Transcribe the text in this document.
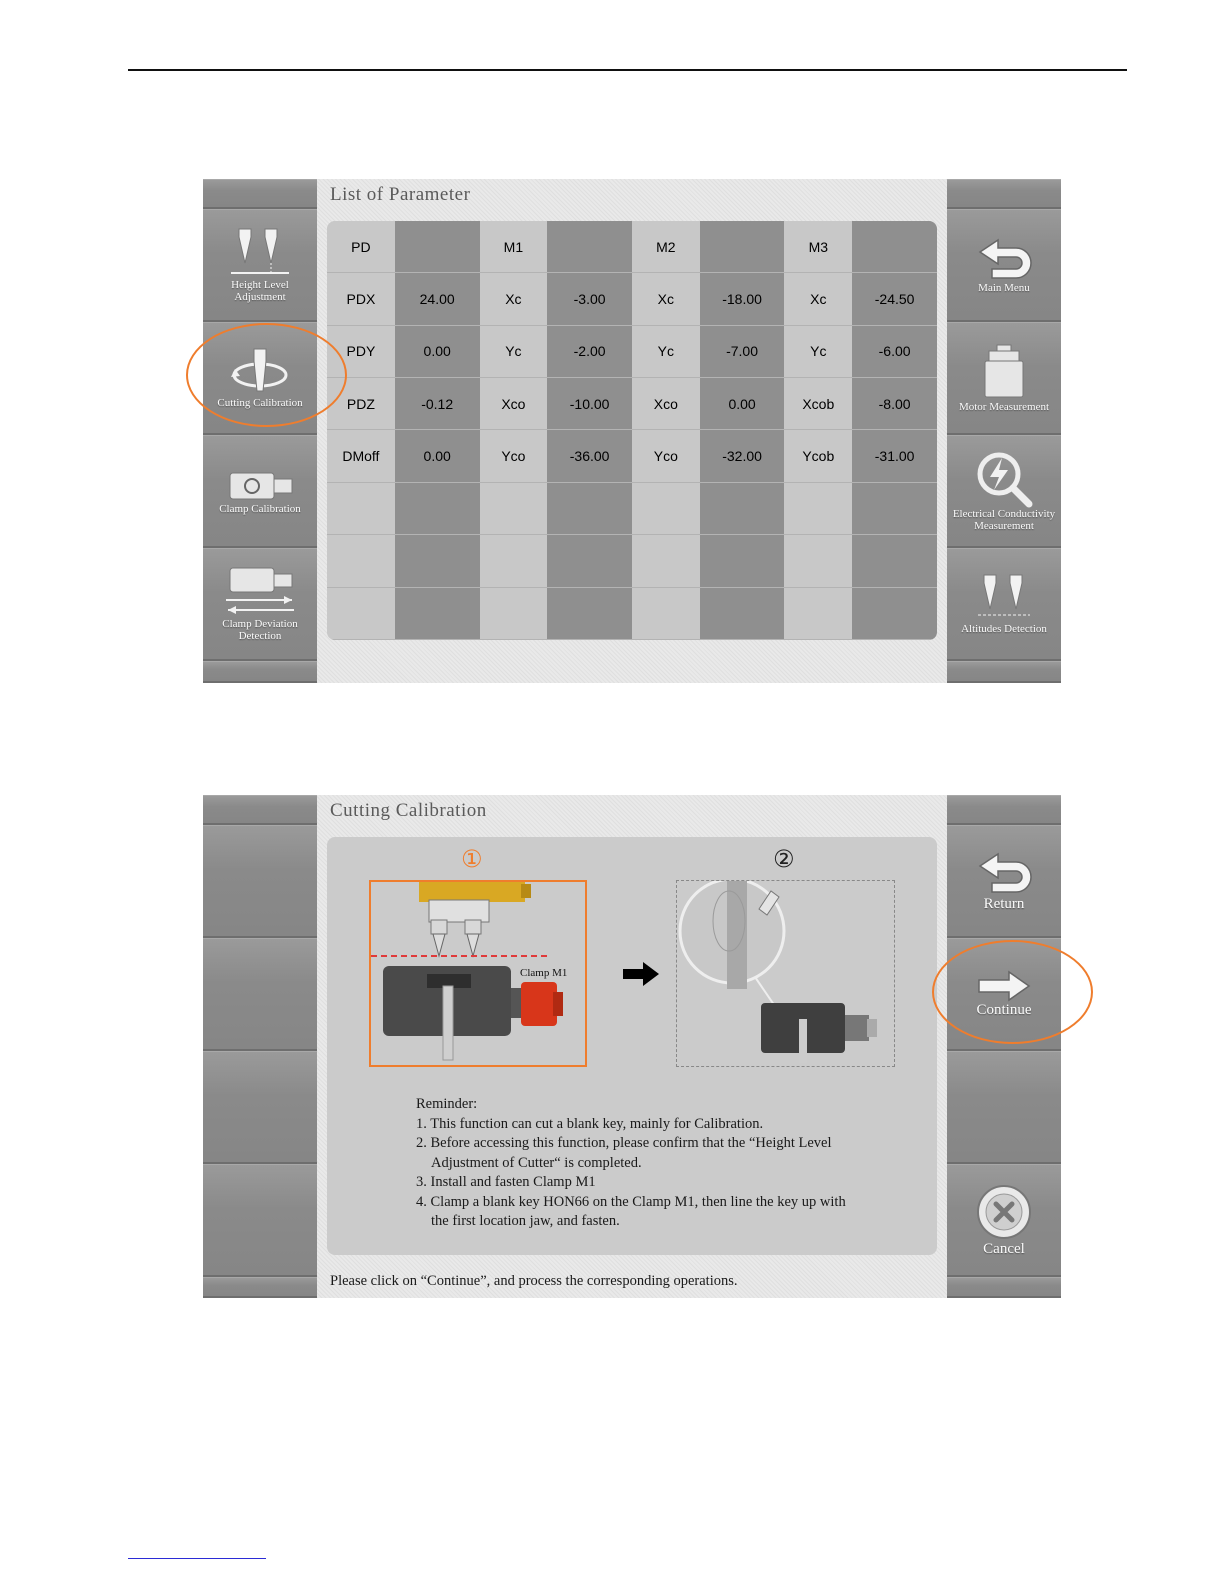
Height Level Adjustment
Cutting Calibration
Clamp Calibration
Clamp Deviation Detection
List of Parameter
PD		M1		M2		M3	
PDX	24.00	Xc	-3.00	Xc	-18.00	Xc	-24.50
PDY	0.00	Yc	-2.00	Yc	-7.00	Yc	-6.00
PDZ	-0.12	Xco	-10.00	Xco	0.00	Xcob	-8.00
DMoff	0.00	Yco	-36.00	Yco	-32.00	Ycob	-31.00

Main Menu
Motor Measurement
Electrical Conductivity Measurement
Altitudes Detection
Cutting Calibration
①	②
Clamp M1

Reminder:

1. This function can cut a blank key, mainly for Calibration.

2. Before accessing this function, please confirm that the “Height Level

Adjustment of Cutter“ is completed.

3. Install and fasten Clamp M1

4. Clamp a blank key HON66 on the Clamp M1, then line the key up with

the first location jaw, and fasten.

Please click on “Continue”, and process the corresponding operations.
Return
Continue
Cancel
